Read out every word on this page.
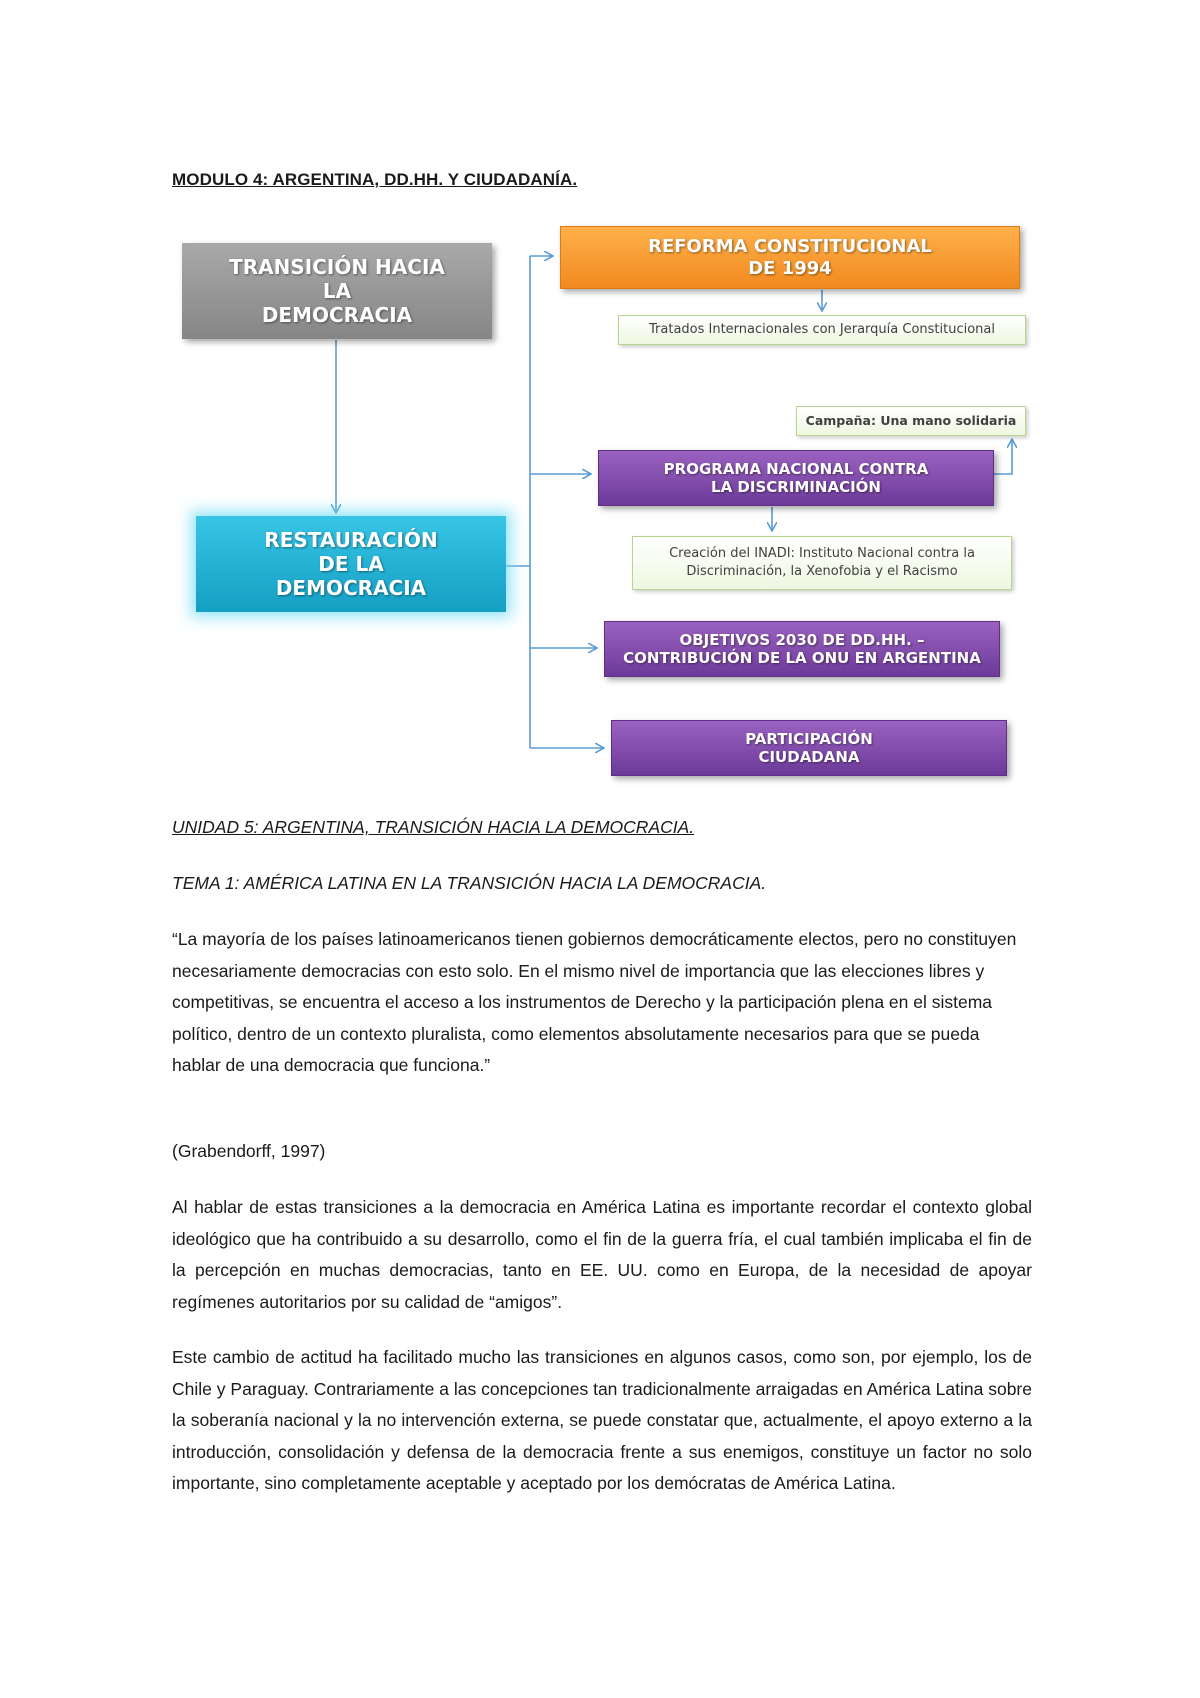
MODULO 4: ARGENTINA, DD.HH. Y CIUDADANÍA.
TRANSICIÓN HACIA
LA
DEMOCRACIA
RESTAURACIÓN
DE LA
DEMOCRACIA
REFORMA CONSTITUCIONAL
DE 1994
Tratados Internacionales con Jerarquía Constitucional
Campaña: Una mano solidaria
PROGRAMA NACIONAL CONTRA
LA DISCRIMINACIÓN
Creación del INADI: Instituto Nacional contra la
Discriminación, la Xenofobia y el Racismo
OBJETIVOS 2030 DE DD.HH. –
CONTRIBUCIÓN DE LA ONU EN ARGENTINA
PARTICIPACIÓN
CIUDADANA
UNIDAD 5: ARGENTINA, TRANSICIÓN HACIA LA DEMOCRACIA.
TEMA 1: AMÉRICA LATINA EN LA TRANSICIÓN HACIA LA DEMOCRACIA.
“La mayoría de los países latinoamericanos tienen gobiernos democráticamente electos, pero no constituyen necesariamente democracias con esto solo. En el mismo nivel de importancia que las elecciones libres y competitivas, se encuentra el acceso a los instrumentos de Derecho y la participación plena en el sistema político, dentro de un contexto pluralista, como elementos absolutamente necesarios para que se pueda hablar de una democracia que funciona.”
(Grabendorff, 1997)
Al hablar de estas transiciones a la democracia en América Latina es importante recordar el contexto global ideológico que ha contribuido a su desarrollo, como el fin de la guerra fría, el cual también implicaba el fin de la percepción en muchas democracias, tanto en EE. UU. como en Europa, de la necesidad de apoyar regímenes autoritarios por su calidad de “amigos”.
Este cambio de actitud ha facilitado mucho las transiciones en algunos casos, como son, por ejemplo, los de Chile y Paraguay. Contrariamente a las concepciones tan tradicionalmente arraigadas en América Latina sobre la soberanía nacional y la no intervención externa, se puede constatar que, actualmente, el apoyo externo a la introducción, consolidación y defensa de la democracia frente a sus enemigos, constituye un factor no solo importante, sino completamente aceptable y aceptado por los demócratas de América Latina.
